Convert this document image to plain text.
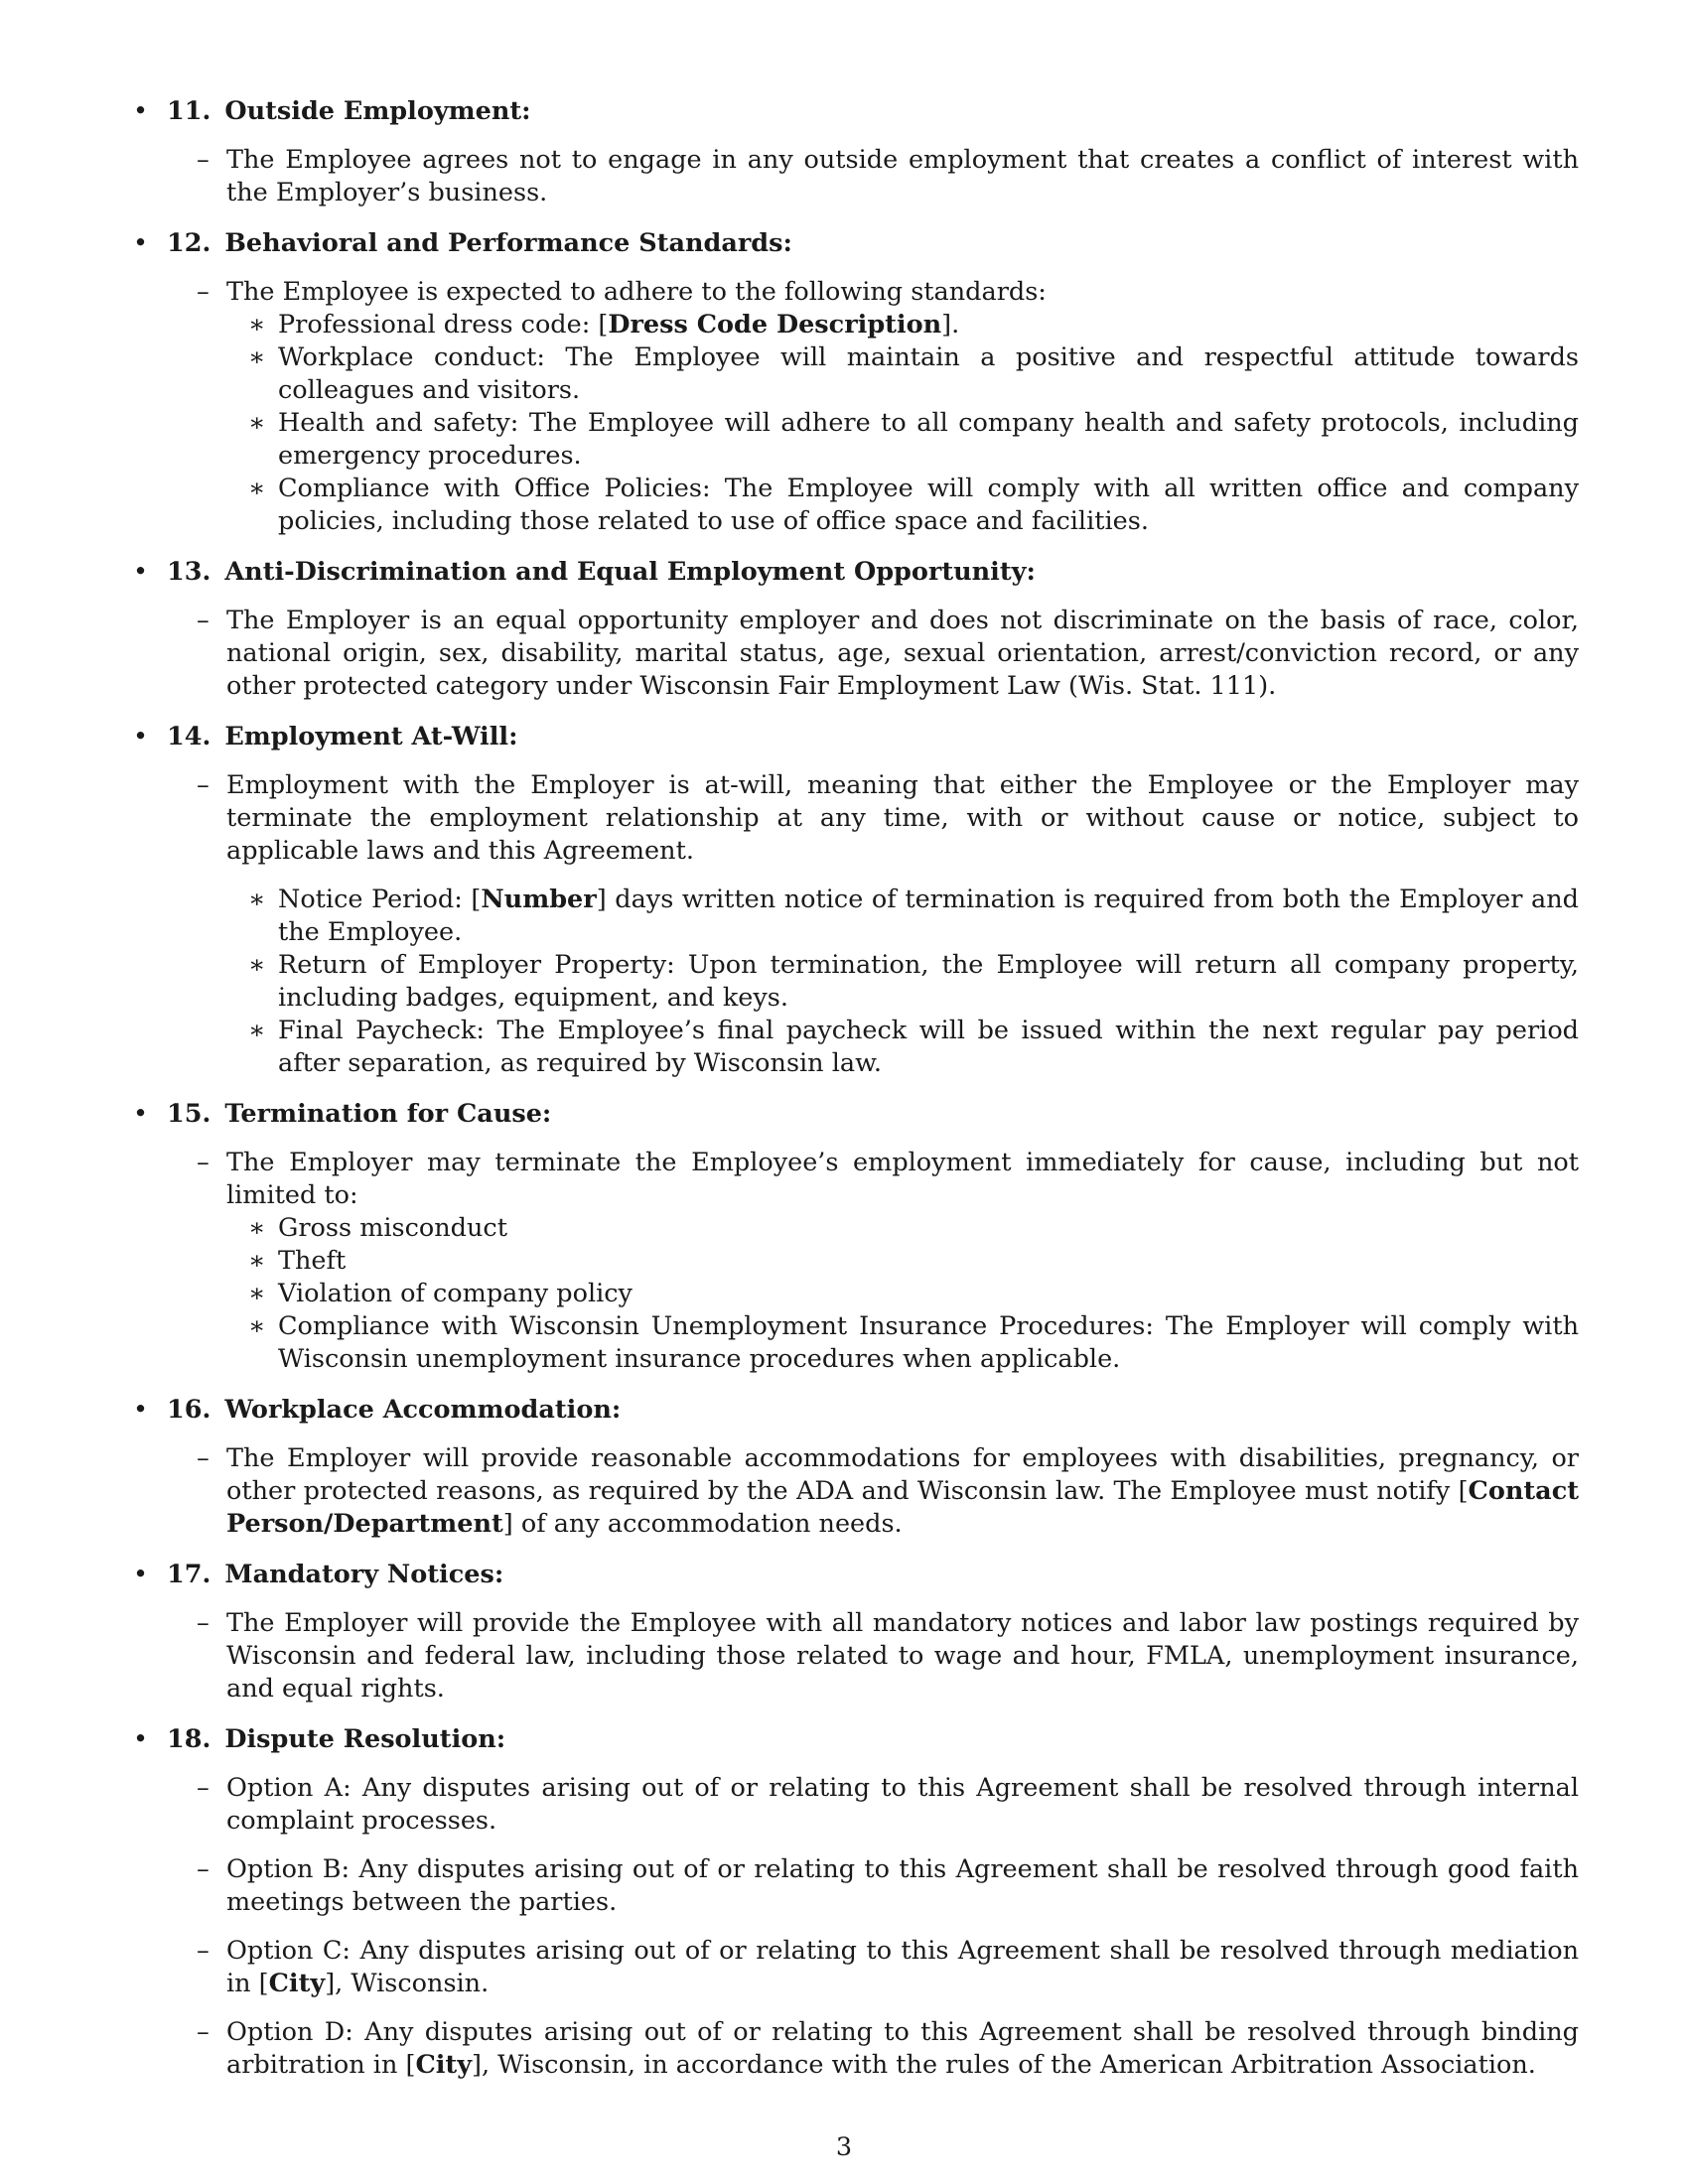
• 11. Outside Employment:
– The Employee agrees not to engage in any outside employment that creates a conflict of interest with the Employer’s business.
• 12. Behavioral and Performance Standards:
– The Employee is expected to adhere to the following standards:
∗ Professional dress code: [Dress Code Description].
∗ Workplace conduct: The Employee will maintain a positive and respectful attitude towards colleagues and visitors.
∗ Health and safety: The Employee will adhere to all company health and safety protocols, including emergency procedures.
∗ Compliance with Office Policies: The Employee will comply with all written office and company policies, including those related to use of office space and facilities.
• 13. Anti-Discrimination and Equal Employment Opportunity:
– The Employer is an equal opportunity employer and does not discriminate on the basis of race, color, national origin, sex, disability, marital status, age, sexual orientation, arrest/conviction record, or any other protected category under Wisconsin Fair Employment Law (Wis. Stat. 111).
• 14. Employment At-Will:
– Employment with the Employer is at-will, meaning that either the Employee or the Employer may terminate the employment relationship at any time, with or without cause or notice, subject to applicable laws and this Agreement.
∗ Notice Period: [Number] days written notice of termination is required from both the Employer and the Employee.
∗ Return of Employer Property: Upon termination, the Employee will return all company property, including badges, equipment, and keys.
∗ Final Paycheck: The Employee’s final paycheck will be issued within the next regular pay period after separation, as required by Wisconsin law.
• 15. Termination for Cause:
– The Employer may terminate the Employee’s employment immediately for cause, including but not limited to:
∗ Gross misconduct
∗ Theft
∗ Violation of company policy
∗ Compliance with Wisconsin Unemployment Insurance Procedures: The Employer will comply with Wisconsin unemployment insurance procedures when applicable.
• 16. Workplace Accommodation:
– The Employer will provide reasonable accommodations for employees with disabilities, pregnancy, or other protected reasons, as required by the ADA and Wisconsin law. The Employee must notify [Contact Person/Department] of any accommodation needs.
• 17. Mandatory Notices:
– The Employer will provide the Employee with all mandatory notices and labor law postings required by Wisconsin and federal law, including those related to wage and hour, FMLA, unemployment insurance, and equal rights.
• 18. Dispute Resolution:
– Option A: Any disputes arising out of or relating to this Agreement shall be resolved through internal complaint processes.
– Option B: Any disputes arising out of or relating to this Agreement shall be resolved through good faith meetings between the parties.
– Option C: Any disputes arising out of or relating to this Agreement shall be resolved through mediation in [City], Wisconsin.
– Option D: Any disputes arising out of or relating to this Agreement shall be resolved through binding arbitration in [City], Wisconsin, in accordance with the rules of the American Arbitration Association.
3
